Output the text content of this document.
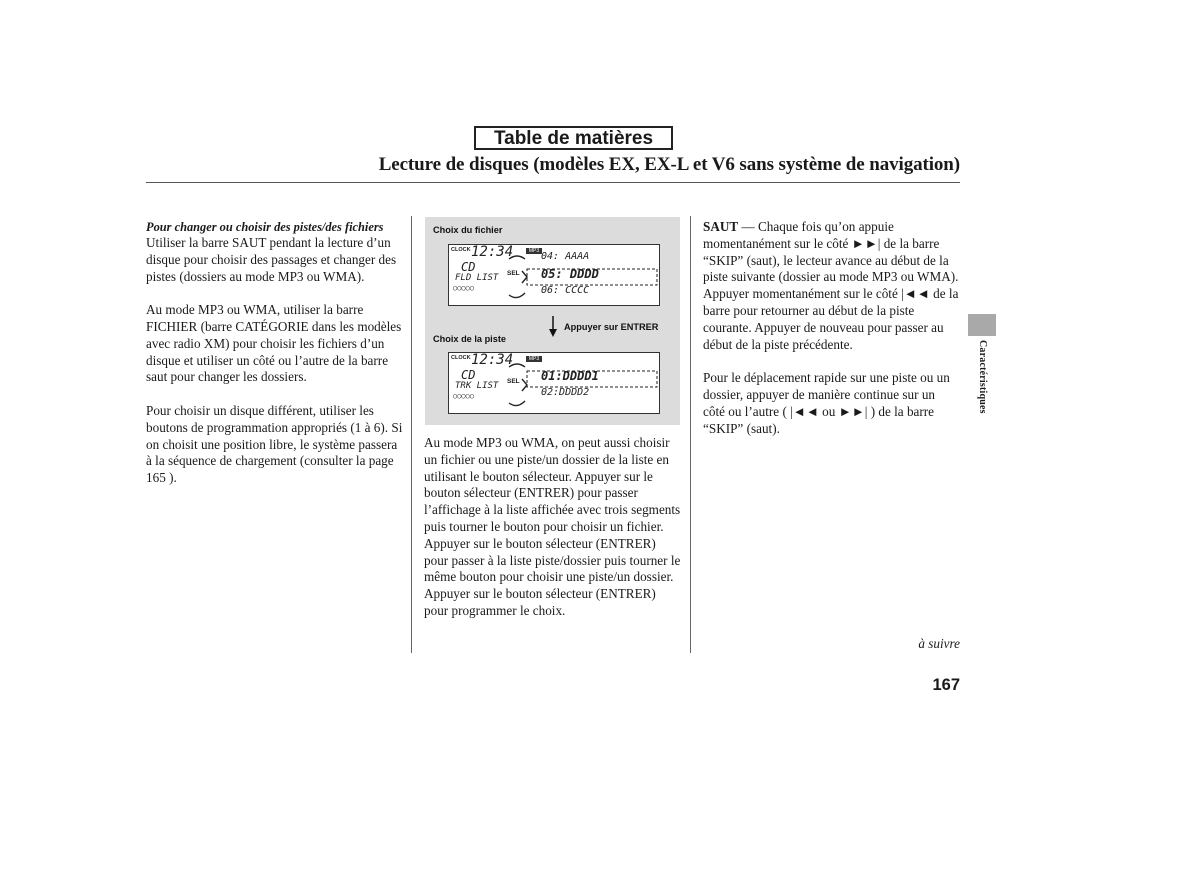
Table de matières
Lecture de disques (modèles EX, EX-L et V6 sans système de navigation)
Pour changer ou choisir des pistes/des fichiers

Utiliser la barre SAUT pendant la lecture d’un disque pour choisir des passages et changer des pistes (dossiers au mode MP3 ou WMA).

Au mode MP3 ou WMA, utiliser la barre FICHIER (barre CATÉGORIE dans les modèles avec radio XM) pour choisir les fichiers d’un disque et utiliser un côté ou l’autre de la barre saut pour changer les dossiers.

Pour choisir un disque différent, utiliser les boutons de programmation appropriés (1 à 6). Si on choisit une position libre, le système passera à la séquence de chargement (consulter la page 165 ).

Choix du fichier
CLOCK 12:34	MP3
CD
FLD LIST
○○○○○
SEL
04: AAAA
05: DDDD
06: CCCC
Appuyer sur ENTRER
Choix de la piste
CLOCK 12:34	MP3
CD
TRK LIST
○○○○○
SEL 01:DDDD1
02:DDDD2

Au mode MP3 ou WMA, on peut aussi choisir un fichier ou une piste/un dossier de la liste en utilisant le bouton sélecteur. Appuyer sur le bouton sélecteur (ENTRER) pour passer l’affichage à la liste affichée avec trois segments puis tourner le bouton pour choisir un fichier. Appuyer sur le bouton sélecteur (ENTRER) pour passer à la liste piste/dossier puis tourner le même bouton pour choisir une piste/un dossier. Appuyer sur le bouton sélecteur (ENTRER) pour programmer le choix.

SAUT — Chaque fois qu’on appuie momentanément sur le côté ►►| de la barre “SKIP” (saut), le lecteur avance au début de la piste suivante (dossier au mode MP3 ou WMA). Appuyer momentanément sur le côté |◄◄ de la barre pour retourner au début de la piste courante. Appuyer de nouveau pour passer au début de la piste précédente.

Pour le déplacement rapide sur une piste ou un dossier, appuyer de manière continue sur un côté ou l’autre ( |◄◄ ou ►►| ) de la barre “SKIP” (saut).

Caractéristiques
à suivre
167
